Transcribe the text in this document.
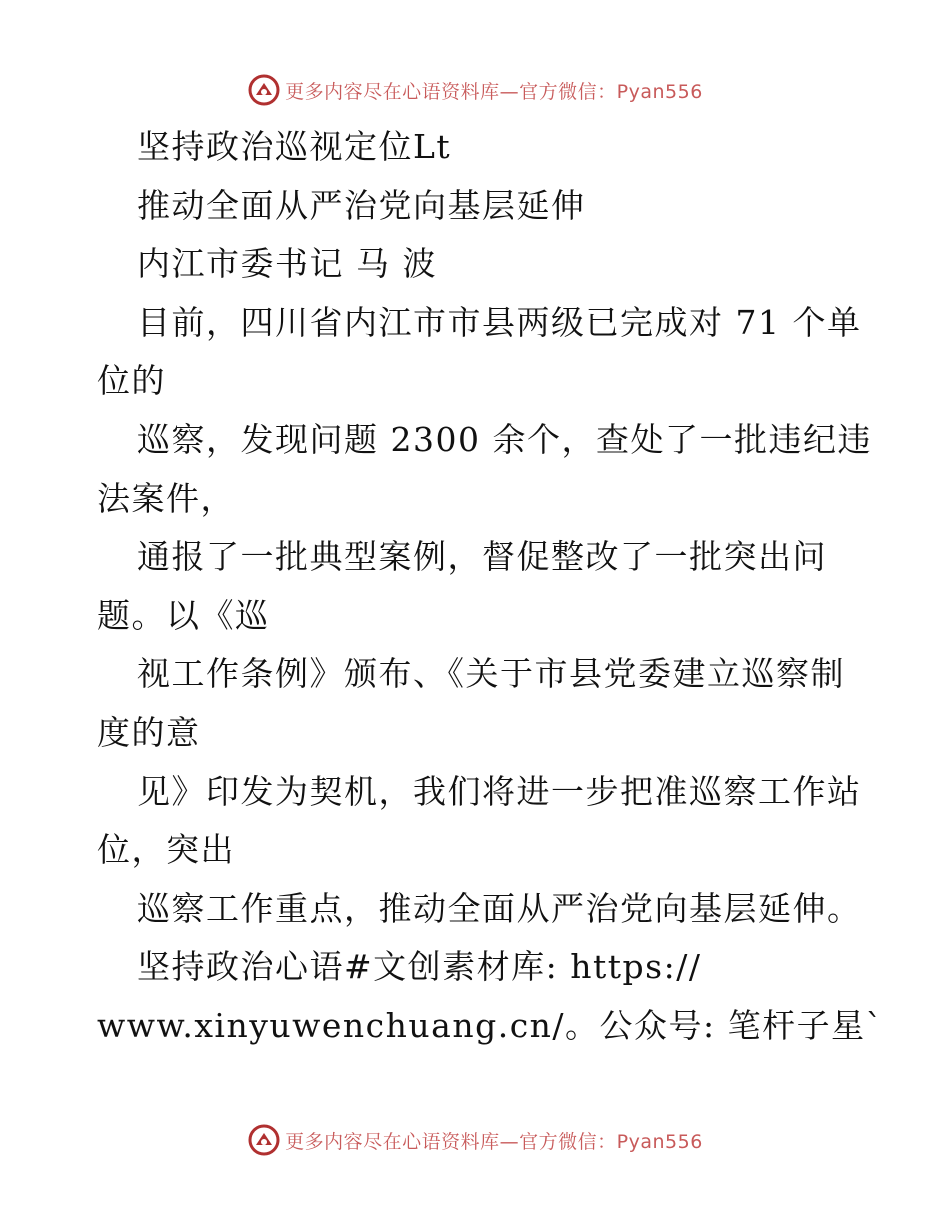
更多内容尽在心语资料库—官方微信：Pyan556
坚持政治巡视定位Lt
推动全面从严治党向基层延伸
内江市委书记 马 波
目前，四川省内江市市县两级已完成对 71 个单
位的
巡察，发现问题 2300 余个，查处了一批违纪违
法案件，
通报了一批典型案例，督促整改了一批突出问
题。以《巡
视工作条例》颁布、《关于市县党委建立巡察制
度的意
见》印发为契机，我们将进一步把准巡察工作站
位，突出
巡察工作重点，推动全面从严治党向基层延伸。
坚持政治心语#文创素材库: https://
www.xinyuwenchuang.cn/。公众号: 笔杆子星`
更多内容尽在心语资料库—官方微信：Pyan556
